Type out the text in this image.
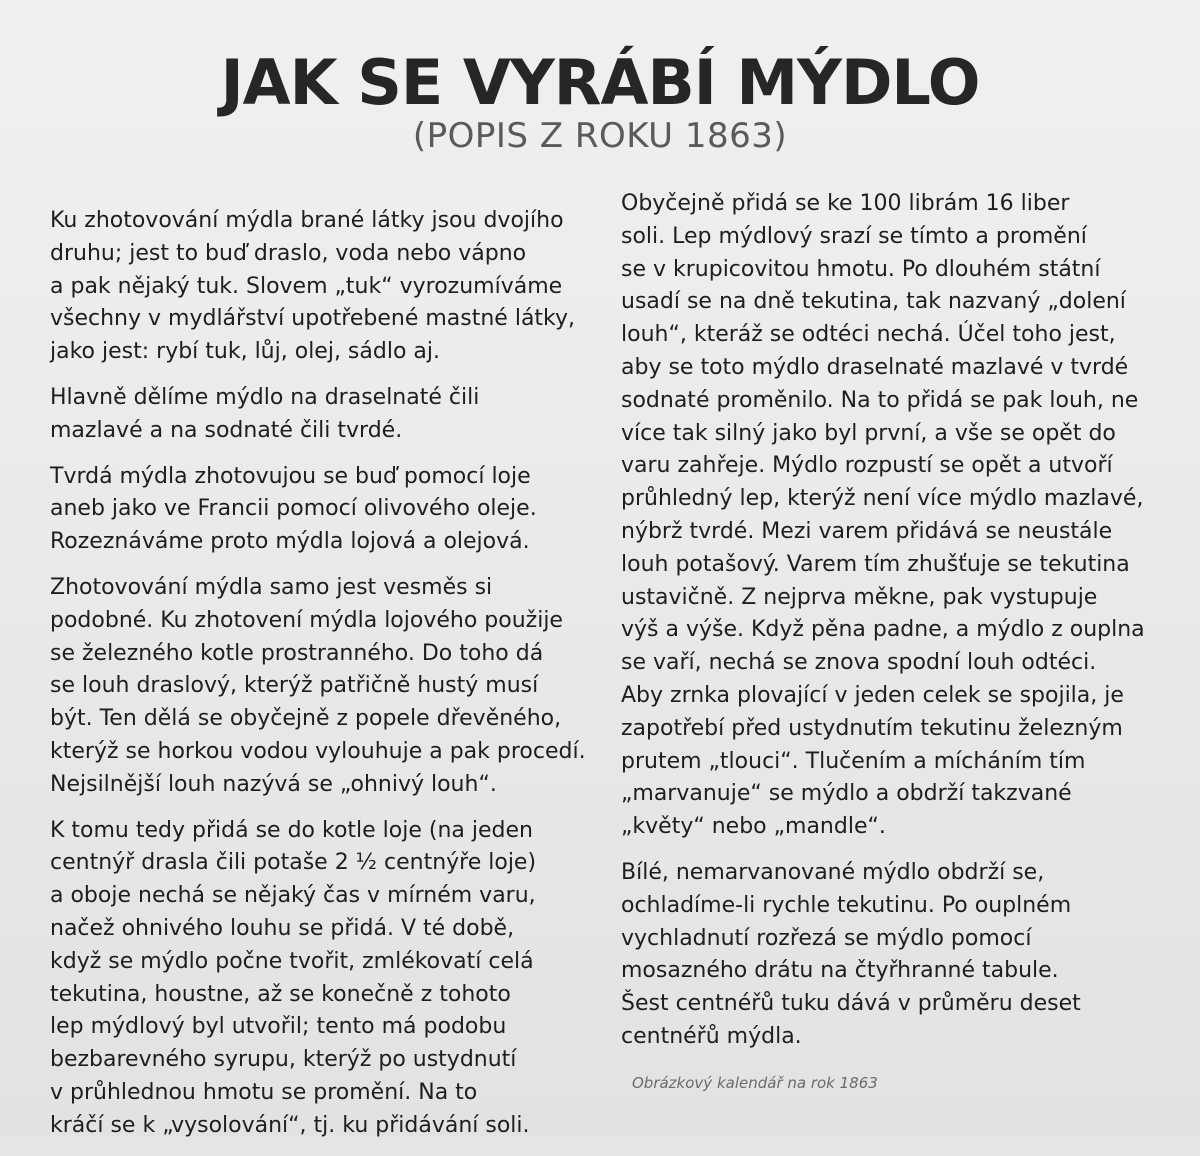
JAK SE VYRÁBÍ MÝDLO
(POPIS Z ROKU 1863)

Ku zhotovování mýdla brané látky jsou dvojího
druhu; jest to buď draslo, voda nebo vápno
a pak nějaký tuk. Slovem „tuk“ vyrozumíváme
všechny v mydlářství upotřebené mastné látky,
jako jest: rybí tuk, lůj, olej, sádlo aj.

Hlavně dělíme mýdlo na draselnaté čili
mazlavé a na sodnaté čili tvrdé.

Tvrdá mýdla zhotovujou se buď pomocí loje
aneb jako ve Francii pomocí olivového oleje.
Rozeznáváme proto mýdla lojová a olejová.

Zhotovování mýdla samo jest vesměs si
podobné. Ku zhotovení mýdla lojového použije
se železného kotle prostranného. Do toho dá
se louh draslový, kterýž patřičně hustý musí
být. Ten dělá se obyčejně z popele dřevěného,
kterýž se horkou vodou vylouhuje a pak procedí.
Nejsilnější louh nazývá se „ohnivý louh“.

K tomu tedy přidá se do kotle loje (na jeden
centnýř drasla čili potaše 2 ½ centnýře loje)
a oboje nechá se nějaký čas v mírném varu,
načež ohnivého louhu se přidá. V té době,
když se mýdlo počne tvořit, zmlékovatí celá
tekutina, houstne, až se konečně z tohoto
lep mýdlový byl utvořil; tento má podobu
bezbarevného syrupu, kterýž po ustydnutí
v průhlednou hmotu se promění. Na to
kráčí se k „vysolování“, tj. ku přidávání soli.

Obyčejně přidá se ke 100 librám 16 liber
soli. Lep mýdlový srazí se tímto a promění
se v krupicovitou hmotu. Po dlouhém státní
usadí se na dně tekutina, tak nazvaný „dolení
louh“, kteráž se odtéci nechá. Účel toho jest,
aby se toto mýdlo draselnaté mazlavé v tvrdé
sodnaté proměnilo. Na to přidá se pak louh, ne
více tak silný jako byl první, a vše se opět do
varu zahřeje. Mýdlo rozpustí se opět a utvoří
průhledný lep, kterýž není více mýdlo mazlavé,
nýbrž tvrdé. Mezi varem přidává se neustále
louh potašový. Varem tím zhušťuje se tekutina
ustavičně. Z nejprva měkne, pak vystupuje
výš a výše. Když pěna padne, a mýdlo z ouplna
se vaří, nechá se znova spodní louh odtéci.
Aby zrnka plovající v jeden celek se spojila, je
zapotřebí před ustydnutím tekutinu železným
prutem „tlouci“. Tlučením a mícháním tím
„marvanuje“ se mýdlo a obdrží takzvané
„květy“ nebo „mandle“.

Bílé, nemarvanované mýdlo obdrží se,
ochladíme-li rychle tekutinu. Po ouplném
vychladnutí rozřezá se mýdlo pomocí
mosazného drátu na čtyřhranné tabule.
Šest centnéřů tuku dává v průměru deset
centnéřů mýdla.

Obrázkový kalendář na rok 1863
